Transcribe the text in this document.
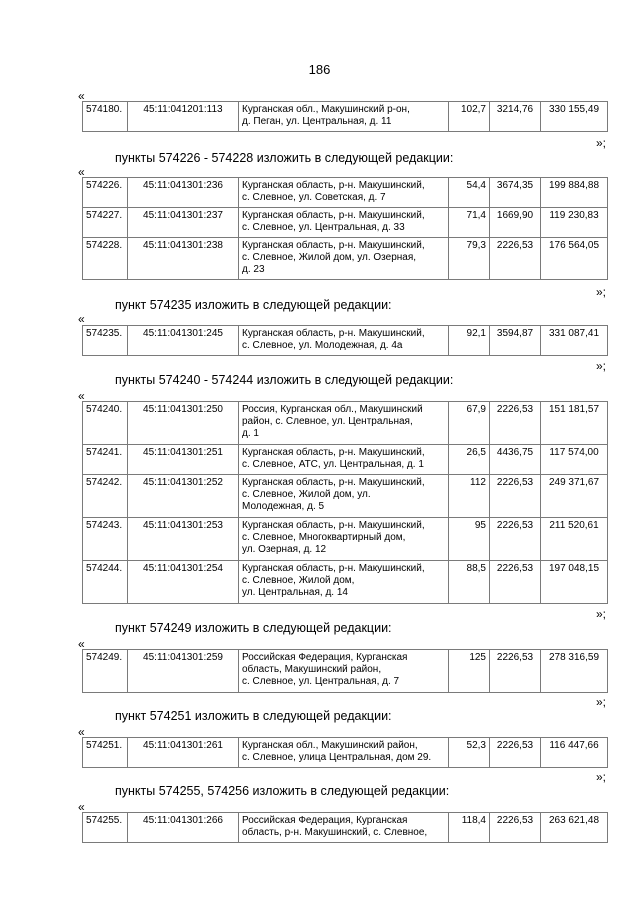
186
«
574180.	45:11:041201:113	Курганская обл., Макушинский р-он,
д. Пеган, ул. Центральная, д. 11	102,7	3214,76	330 155,49
»;
пункты 574226 - 574228 изложить в следующей редакции:
«
574226.	45:11:041301:236	Курганская область, р-н. Макушинский,
с. Слевное, ул. Советская, д. 7	54,4	3674,35	199 884,88
574227.	45:11:041301:237	Курганская область, р-н. Макушинский,
с. Слевное, ул. Центральная, д. 33	71,4	1669,90	119 230,83
574228.	45:11:041301:238	Курганская область, р-н. Макушинский,
с. Слевное, Жилой дом, ул. Озерная,
д. 23	79,3	2226,53	176 564,05
»;
пункт 574235 изложить в следующей редакции:
«
574235.	45:11:041301:245	Курганская область, р-н. Макушинский,
с. Слевное, ул. Молодежная, д. 4а	92,1	3594,87	331 087,41
»;
пункты 574240 - 574244 изложить в следующей редакции:
«
574240.	45:11:041301:250	Россия, Курганская обл., Макушинский
район, с. Слевное, ул. Центральная,
д. 1	67,9	2226,53	151 181,57
574241.	45:11:041301:251	Курганская область, р-н. Макушинский,
с. Слевное, АТС, ул. Центральная, д. 1	26,5	4436,75	117 574,00
574242.	45:11:041301:252	Курганская область, р-н. Макушинский,
с. Слевное, Жилой дом, ул.
Молодежная, д. 5	112	2226,53	249 371,67
574243.	45:11:041301:253	Курганская область, р-н. Макушинский,
с. Слевное, Многоквартирный дом,
ул. Озерная, д. 12	95	2226,53	211 520,61
574244.	45:11:041301:254	Курганская область, р-н. Макушинский,
с. Слевное, Жилой дом,
ул. Центральная, д. 14	88,5	2226,53	197 048,15
»;
пункт 574249 изложить в следующей редакции:
«
574249.	45:11:041301:259	Российская Федерация, Курганская
область, Макушинский район,
с. Слевное, ул. Центральная, д. 7	125	2226,53	278 316,59
»;
пункт 574251 изложить в следующей редакции:
«
574251.	45:11:041301:261	Курганская обл., Макушинский район,
с. Слевное, улица Центральная, дом 29.	52,3	2226,53	116 447,66
»;
пункты 574255, 574256 изложить в следующей редакции:
«
574255.	45:11:041301:266	Российская Федерация, Курганская
область, р-н. Макушинский, с. Слевное,	118,4	2226,53	263 621,48
